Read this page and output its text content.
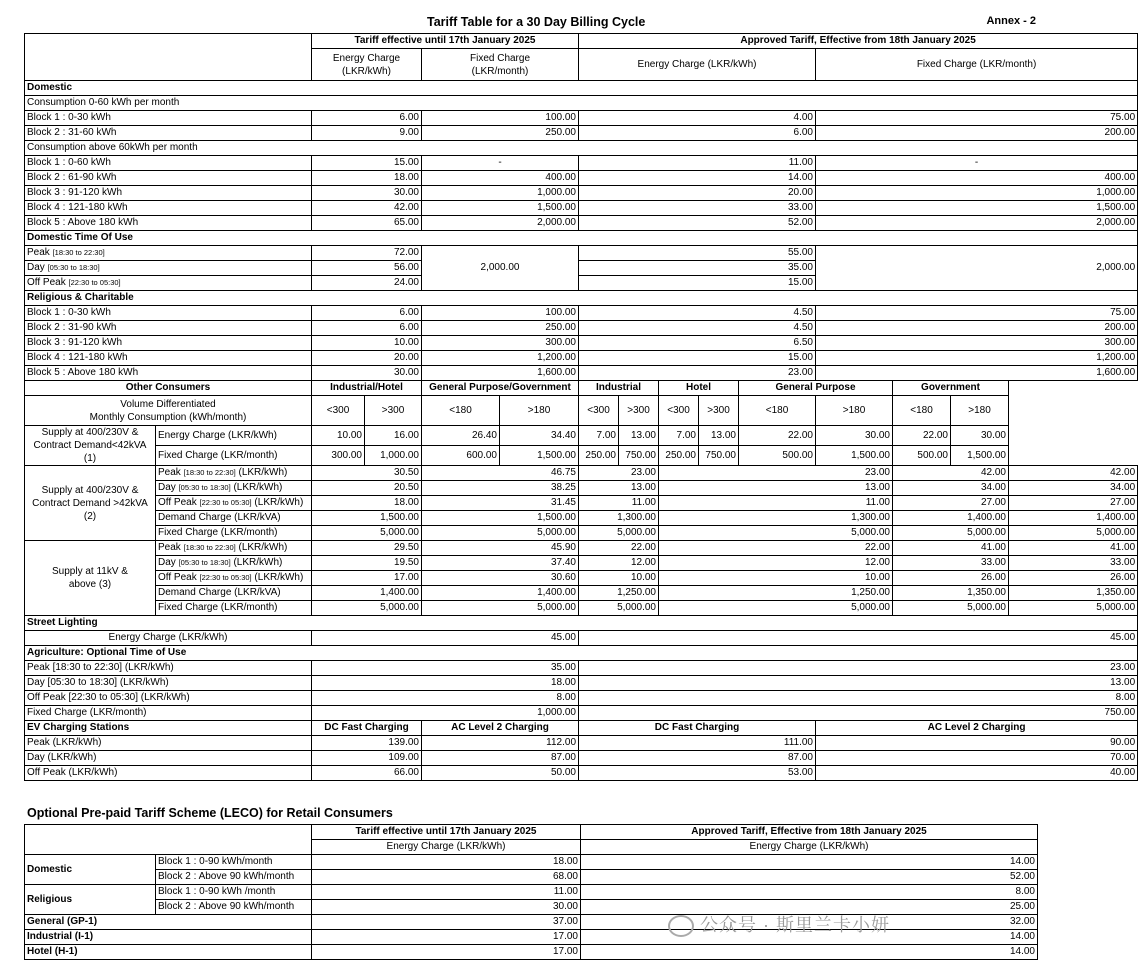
Tariff Table for a 30 Day Billing Cycle	Annex - 2
		Tariff effective until 17th January 2025				Approved Tariff, Effective from 18th January 2025								

		Energy Charge
(LKR/kWh)		Fixed Charge
(LKR/month)		Energy Charge (LKR/kWh)					Fixed Charge (LKR/month)			
Domestic														
Consumption 0-60 kWh per month														
Block 1 : 0-30 kWh		6.00		100.00		4.00					75.00			
Block 2 : 31-60 kWh		9.00		250.00		6.00					200.00			
Consumption above 60kWh per month														
Block 1 : 0-60 kWh		15.00		-		11.00					-			
Block 2 : 61-90 kWh		18.00		400.00		14.00					400.00			
Block 3 : 91-120 kWh		30.00		1,000.00		20.00					1,000.00			
Block 4 : 121-180 kWh		42.00		1,500.00		33.00					1,500.00			
Block 5 : Above 180 kWh		65.00		2,000.00		52.00					2,000.00			
Domestic Time Of Use														
Peak [18:30 to 22:30]		72.00		2,000.00		55.00					2,000.00			
Day [05:30 to 18:30]		56.00				35.00								
Off Peak [22:30 to 05:30]		24.00				15.00								
Religious & Charitable														
Block 1 : 0-30 kWh		6.00		100.00		4.50					75.00			
Block 2 : 31-90 kWh		6.00		250.00		4.50					200.00			
Block 3 : 91-120 kWh		10.00		300.00		6.50					300.00			
Block 4 : 121-180 kWh		20.00		1,200.00		15.00					1,200.00			
Block 5 : Above 180 kWh		30.00		1,600.00		23.00					1,600.00			
Other Consumers		Industrial/Hotel		General Purpose/Government		Industrial		Hotel		General Purpose		Government		

Volume Differentiated
Monthly Consumption (kWh/month)		<300	>300	<180	>180	<300	>300	<300	>300	<180	>180	<180	>180	

Supply at 400/230V &
Contract Demand<42kVA (1)	Energy Charge (LKR/kWh)	10.00	16.00	26.40	34.40	7.00	13.00	7.00	13.00	22.00	30.00	22.00	30.00	
	Fixed Charge (LKR/month)	300.00	1,000.00	600.00	1,500.00	250.00	750.00	250.00	750.00	500.00	1,500.00	500.00	1,500.00	

Supply at 400/230V &
Contract Demand >42kVA (2)	Peak [18:30 to 22:30] (LKR/kWh)	30.50		46.75		23.00		23.00				42.00		42.00
	Day [05:30 to 18:30] (LKR/kWh)	20.50		38.25		13.00		13.00				34.00		34.00
	Off Peak [22:30 to 05:30] (LKR/kWh)	18.00		31.45		11.00		11.00				27.00		27.00
	Demand Charge (LKR/kVA)	1,500.00		1,500.00		1,300.00		1,300.00				1,400.00		1,400.00
	Fixed Charge (LKR/month)	5,000.00		5,000.00		5,000.00		5,000.00				5,000.00		5,000.00

Supply at 11kV &
above (3)	Peak [18:30 to 22:30] (LKR/kWh)	29.50		45.90		22.00		22.00				41.00		41.00
	Day [05:30 to 18:30] (LKR/kWh)	19.50		37.40		12.00		12.00				33.00		33.00
	Off Peak [22:30 to 05:30] (LKR/kWh)	17.00		30.60		10.00		10.00				26.00		26.00
	Demand Charge (LKR/kVA)	1,400.00		1,400.00		1,250.00		1,250.00				1,350.00		1,350.00
	Fixed Charge (LKR/month)	5,000.00		5,000.00		5,000.00		5,000.00				5,000.00		5,000.00
Street Lighting														
Energy Charge (LKR/kWh)		45.00				45.00								
Agriculture: Optional Time of Use														
Peak [18:30 to 22:30] (LKR/kWh)		35.00				23.00								
Day [05:30 to 18:30] (LKR/kWh)		18.00				13.00								
Off Peak [22:30 to 05:30] (LKR/kWh)		8.00				8.00								
Fixed Charge (LKR/month)		1,000.00				750.00								
EV Charging Stations		DC Fast Charging		AC Level 2 Charging		DC Fast Charging					AC Level 2 Charging			
Peak (LKR/kWh)		139.00		112.00		111.00					90.00			
Day (LKR/kWh)		109.00		87.00		87.00					70.00			
Off Peak (LKR/kWh)		66.00		50.00		53.00					40.00			
Optional Pre-paid Tariff Scheme (LECO) for Retail Consumers
		Tariff effective until 17th January 2025	Approved Tariff, Effective from 18th January 2025
		Energy Charge (LKR/kWh)	Energy Charge (LKR/kWh)
Domestic	Block 1 : 0-90 kWh/month	18.00	14.00
	Block 2 : Above 90 kWh/month	68.00	52.00
Religious	Block 1 : 0-90 kWh /month	11.00	8.00
	Block 2 : Above 90 kWh/month	30.00	25.00
General (GP-1)		37.00	32.00
Industrial (I-1)		17.00	14.00
Hotel (H-1)		17.00	14.00
公众号 · 斯里兰卡小妍
